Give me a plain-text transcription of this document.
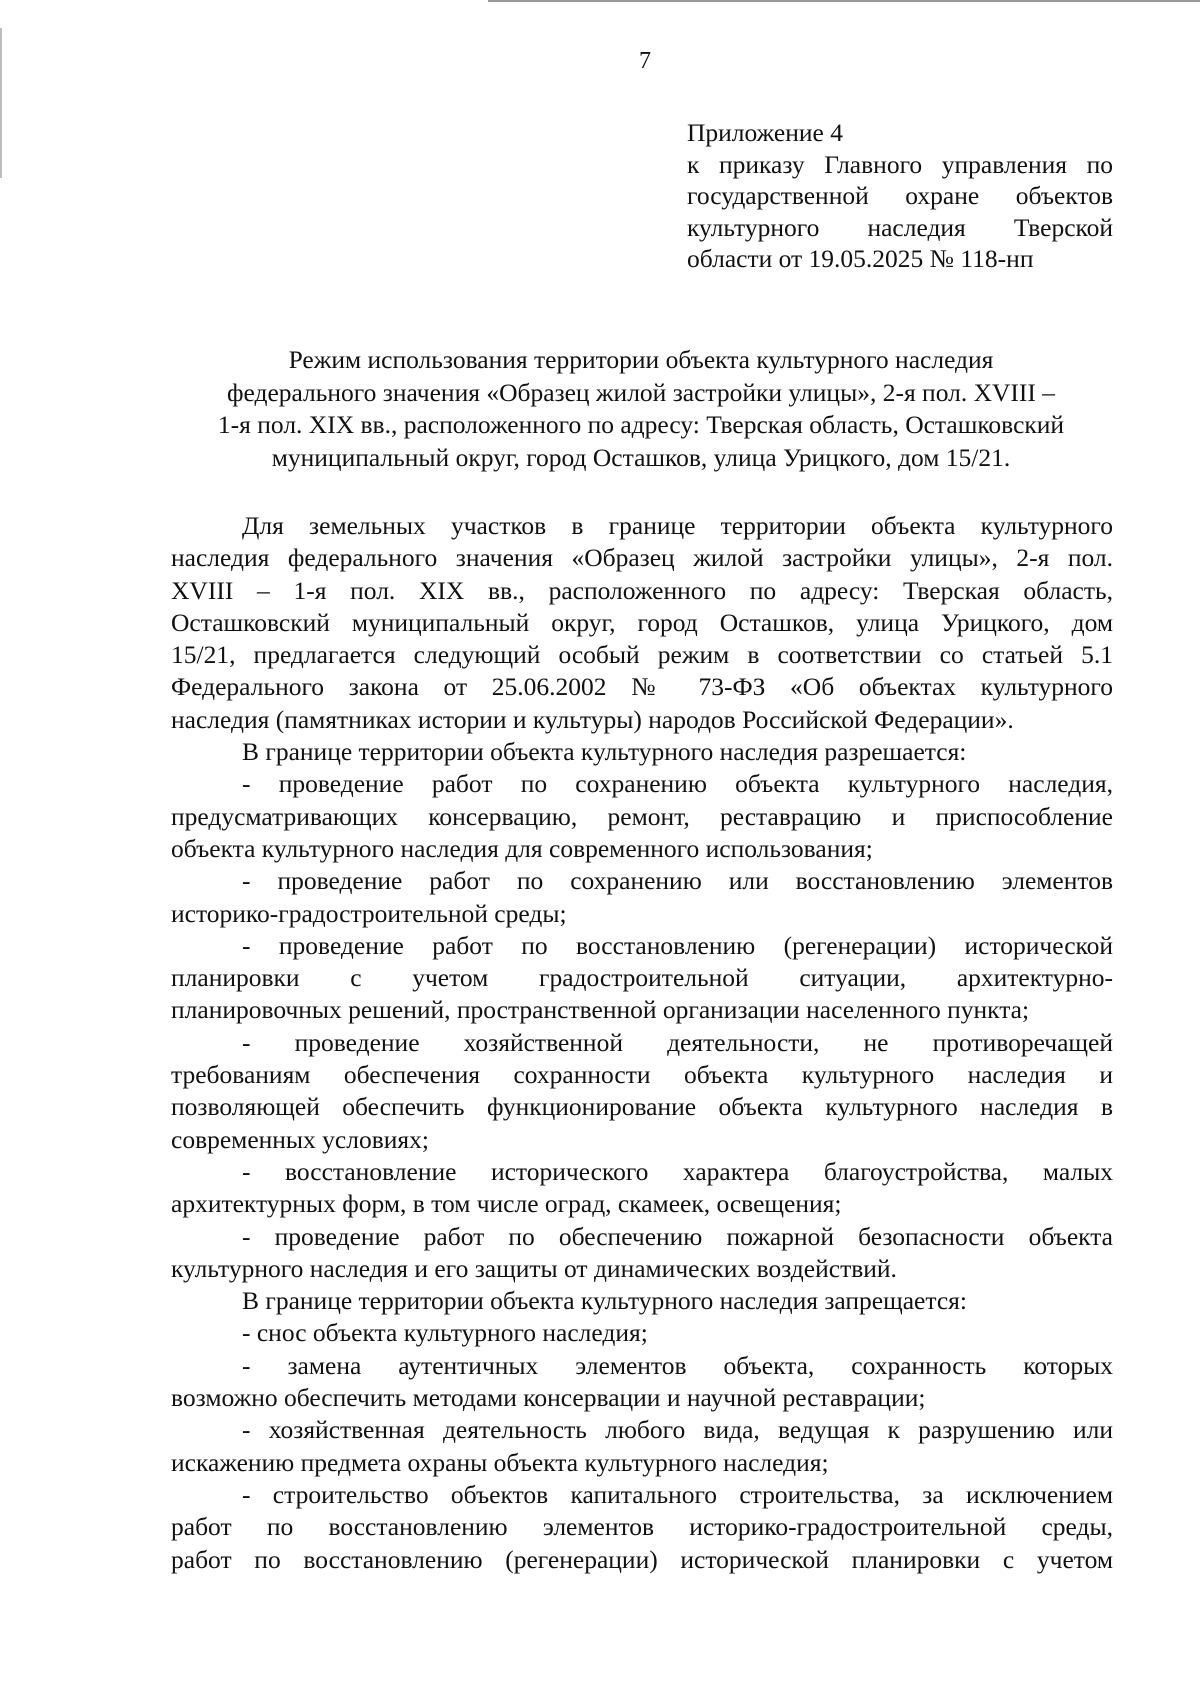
7
Приложение 4
к приказу Главного управления по
государственной охране объектов
культурного наследия Тверской
области от 19.05.2025 № 118-нп
Режим использования территории объекта культурного наследия
федерального значения «Образец жилой застройки улицы», 2-я пол. XVIII –
1-я пол. XIX вв., расположенного по адресу: Тверская область, Осташковский
муниципальный округ, город Осташков, улица Урицкого, дом 15/21.
Для земельных участков в границе территории объекта культурного
наследия федерального значения «Образец жилой застройки улицы», 2-я пол.
XVIII – 1-я пол. XIX вв., расположенного по адресу: Тверская область,
Осташковский муниципальный округ, город Осташков, улица Урицкого, дом
15/21, предлагается следующий особый режим в соответствии со статьей 5.1
Федерального закона от 25.06.2002 № 73-ФЗ «Об объектах культурного
наследия (памятниках истории и культуры) народов Российской Федерации».
В границе территории объекта культурного наследия разрешается:
- проведение работ по сохранению объекта культурного наследия,
предусматривающих консервацию, ремонт, реставрацию и приспособление
объекта культурного наследия для современного использования;
- проведение работ по сохранению или восстановлению элементов
историко-градостроительной среды;
- проведение работ по восстановлению (регенерации) исторической
планировки с учетом градостроительной ситуации, архитектурно-
планировочных решений, пространственной организации населенного пункта;
- проведение хозяйственной деятельности, не противоречащей
требованиям обеспечения сохранности объекта культурного наследия и
позволяющей обеспечить функционирование объекта культурного наследия в
современных условиях;
- восстановление исторического характера благоустройства, малых
архитектурных форм, в том числе оград, скамеек, освещения;
- проведение работ по обеспечению пожарной безопасности объекта
культурного наследия и его защиты от динамических воздействий.
В границе территории объекта культурного наследия запрещается:
- снос объекта культурного наследия;
- замена аутентичных элементов объекта, сохранность которых
возможно обеспечить методами консервации и научной реставрации;
- хозяйственная деятельность любого вида, ведущая к разрушению или
искажению предмета охраны объекта культурного наследия;
- строительство объектов капитального строительства, за исключением
работ по восстановлению элементов историко-градостроительной среды,
работ по восстановлению (регенерации) исторической планировки с учетом
